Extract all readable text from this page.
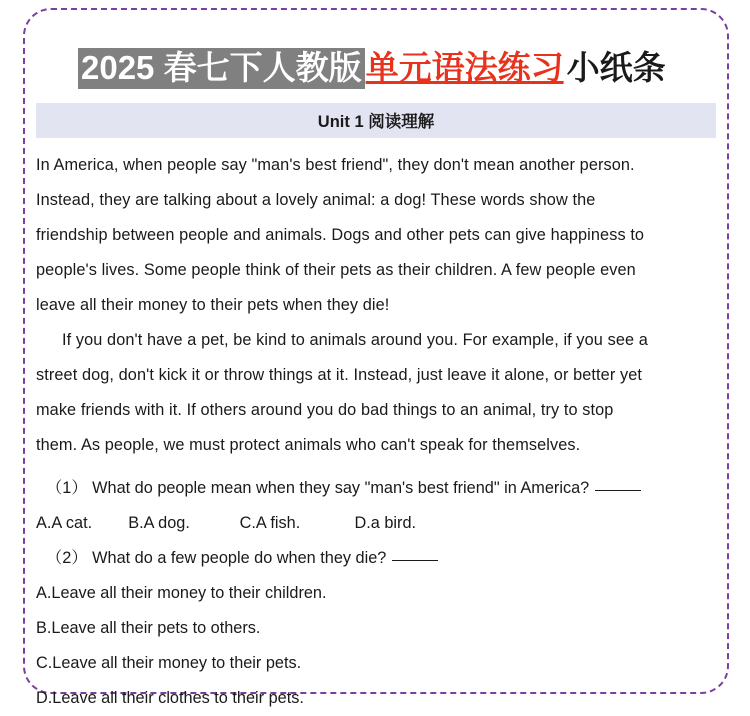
2025 春七下人教版 单元语法练习 小纸条
Unit 1 阅读理解

In America, when people say "man's best friend", they don't mean another person.

Instead, they are talking about a lovely animal: a dog! These words show the

friendship between people and animals. Dogs and other pets can give happiness to

people's lives. Some people think of their pets as their children. A few people even

leave all their money to their pets when they die!

If you don't have a pet, be kind to animals around you. For example, if you see a

street dog, don't kick it or throw things at it. Instead, just leave it alone, or better yet

make friends with it. If others around you do bad things to an animal, try to stop

them. As people, we must protect animals who can't speak for themselves.

（1） What do people mean when they say "man's best friend" in America?
A.A cat.        B.A dog.           C.A fish.            D.a bird.
（2） What do a few people do when they die?
A.Leave all their money to their children.
B.Leave all their pets to others.
C.Leave all their money to their pets.
D.Leave all their clothes to their pets.
